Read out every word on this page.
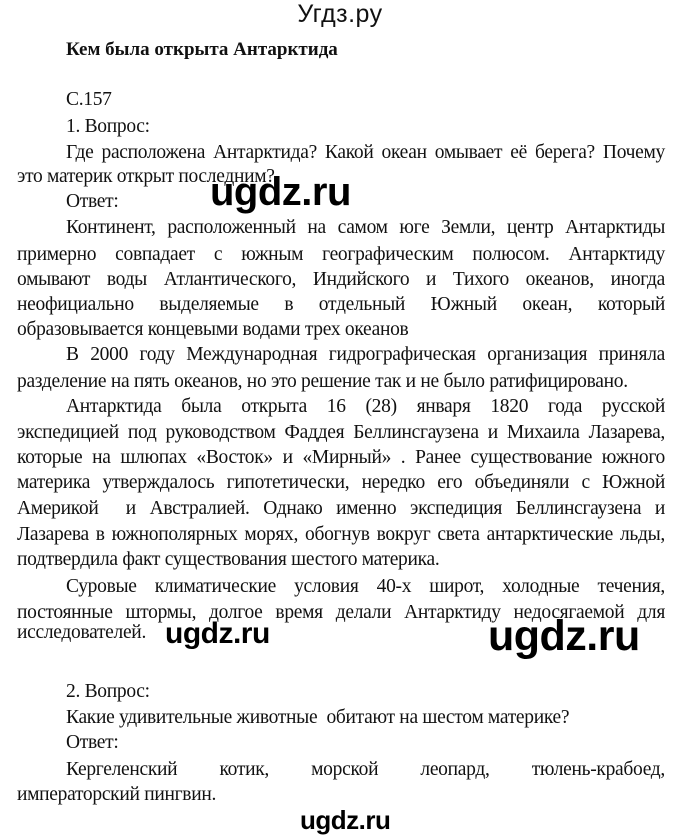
Угдз.ру
Кем была открыта Антарктида
С.157
1. Вопрос:
Где расположена Антарктида? Какой океан омывает её берега? Почему
это материк открыт последним?
Ответ:
Континент, расположенный на самом юге Земли, центр Антарктиды
примерно совпадает с южным географическим полюсом. Антарктиду
омывают воды Атлантического, Индийского и Тихого океанов, иногда
неофициально выделяемые в отдельный Южный океан, который
образовывается концевыми водами трех океанов
В 2000 году Международная гидрографическая организация приняла
разделение на пять океанов, но это решение так и не было ратифицировано.
Антарктида была открыта 16 (28) января 1820 года русской
экспедицией под руководством Фаддея Беллинсгаузена и Михаила Лазарева,
которые на шлюпах «Восток» и «Мирный» . Ранее существование южного
материка утверждалось гипотетически, нередко его объединяли с Южной
Америкой  и Австралией. Однако именно экспедиция Беллинсгаузена и
Лазарева в южнополярных морях, обогнув вокруг света антарктические льды,
подтвердила факт существования шестого материка.
Суровые климатические условия 40-х широт, холодные течения,
постоянные штормы, долгое время делали Антарктиду недосягаемой для
исследователей.
2. Вопрос:
Какие удивительные животные  обитают на шестом материке?
Ответ:
Кергеленский котик, морской леопард, тюлень-крабоед,
императорский пингвин.
ugdz.ru
ugdz.ru	ugdz.ru
ugdz.ru
